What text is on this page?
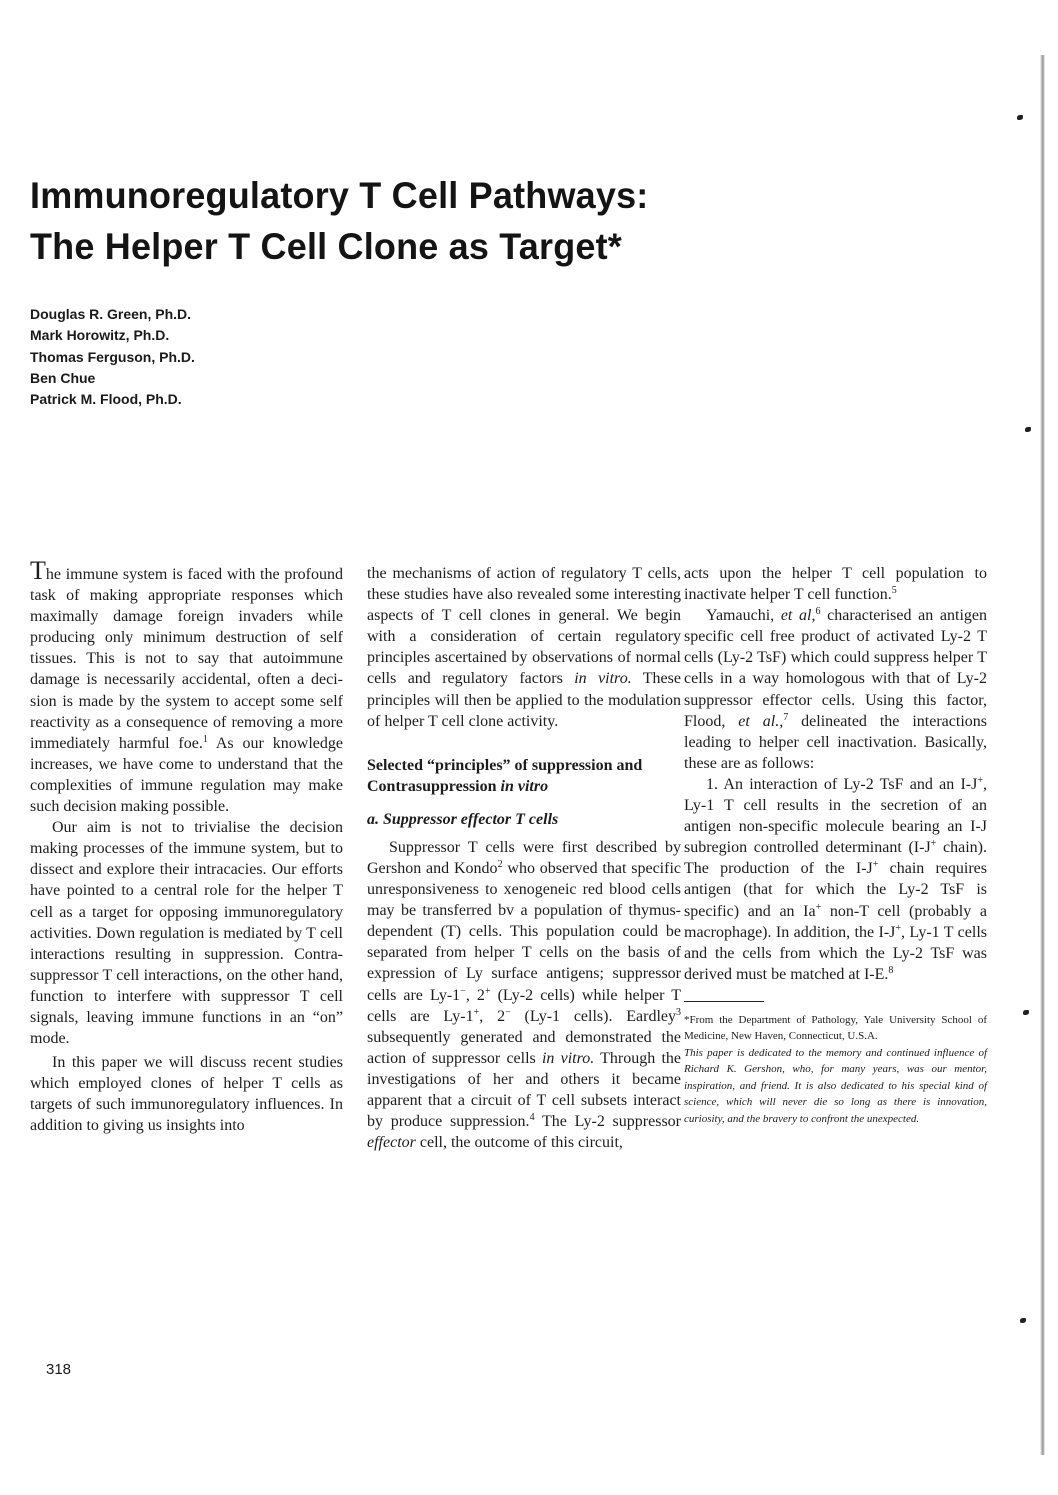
Immunoregulatory T Cell Pathways:
The Helper T Cell Clone as Target*
Douglas R. Green, Ph.D.
Mark Horowitz, Ph.D.
Thomas Ferguson, Ph.D.
Ben Chue
Patrick M. Flood, Ph.D.

The immune system is faced with the profound task of making appropriate responses which maximally damage foreign invaders while producing only minimum destruction of self tissues. This is not to say that autoimmune damage is necessarily accidental, often a decision is made by the system to accept some self reactivity as a consequence of removing a more immediately harmful foe.$^1$ As our knowledge increases, we have come to understand that the complexities of immune regulation may make such decision making possible.

Our aim is not to trivialise the decision making processes of the immune system, but to dissect and explore their intracacies. Our efforts have pointed to a central role for the helper T cell as a target for opposing immunoregulatory activities. Down regulation is mediated by T cell interactions resulting in suppression. Contrasuppressor T cell interactions, on the other hand, function to interfere with suppressor T cell signals, leaving immune functions in an “on” mode.

In this paper we will discuss recent studies which employed clones of helper T cells as targets of such immunoregulatory influences. In addition to giving us insights into

the mechanisms of action of regulatory T cells, these studies have also revealed some interesting aspects of T cell clones in general. We begin with a consideration of certain regulatory principles ascertained by observations of normal cells and regulatory factors in vitro. These principles will then be applied to the modulation of helper T cell clone activity.

Selected “principles” of suppression and Contrasuppression in vitro

a. Suppressor effector T cells

Suppressor T cells were first described by Gershon and Kondo$^2$ who observed that specific unresponsiveness to xenogeneic red blood cells may be transferred bv a population of thymus-dependent (T) cells. This population could be separated from helper T cells on the basis of expression of Ly surface antigens; suppressor cells are Ly-1−, 2+ (Ly-2 cells) while helper T cells are Ly-1+, 2− (Ly-1 cells). Eardley$^3$ subsequently generated and demonstrated the action of suppressor cells in vitro. Through the investigations of her and others it became apparent that a circuit of T cell subsets interact by produce suppression.$^4$ The Ly-2 suppressor effector cell, the outcome of this circuit,

acts upon the helper T cell population to inactivate helper T cell function.$^5$

Yamauchi, et al,$^6$ characterised an antigen specific cell free product of activated Ly-2 T cells (Ly-2 TsF) which could suppress helper T cells in a way homologous with that of Ly-2 suppressor effector cells. Using this factor, Flood, et al.,$^7$ delineated the interactions leading to helper cell inactivation. Basically, these are as follows:

1. An interaction of Ly-2 TsF and an I-J+, Ly-1 T cell results in the secretion of an antigen non-specific molecule bearing an I-J subregion controlled determinant (I-J+ chain). The production of the I-J+ chain requires antigen (that for which the Ly-2 TsF is specific) and an Ia+ non-T cell (probably a macrophage). In addition, the I-J+, Ly-1 T cells and the cells from which the Ly-2 TsF was derived must be matched at I-E.$^8$

*From the Department of Pathology, Yale University School of Medicine, New Haven, Connecticut, U.S.A.

This paper is dedicated to the memory and continued influence of Richard K. Gershon, who, for many years, was our mentor, inspiration, and friend. It is also dedicated to his special kind of science, which will never die so long as there is innovation, curiosity, and the bravery to confront the unexpected.

318
